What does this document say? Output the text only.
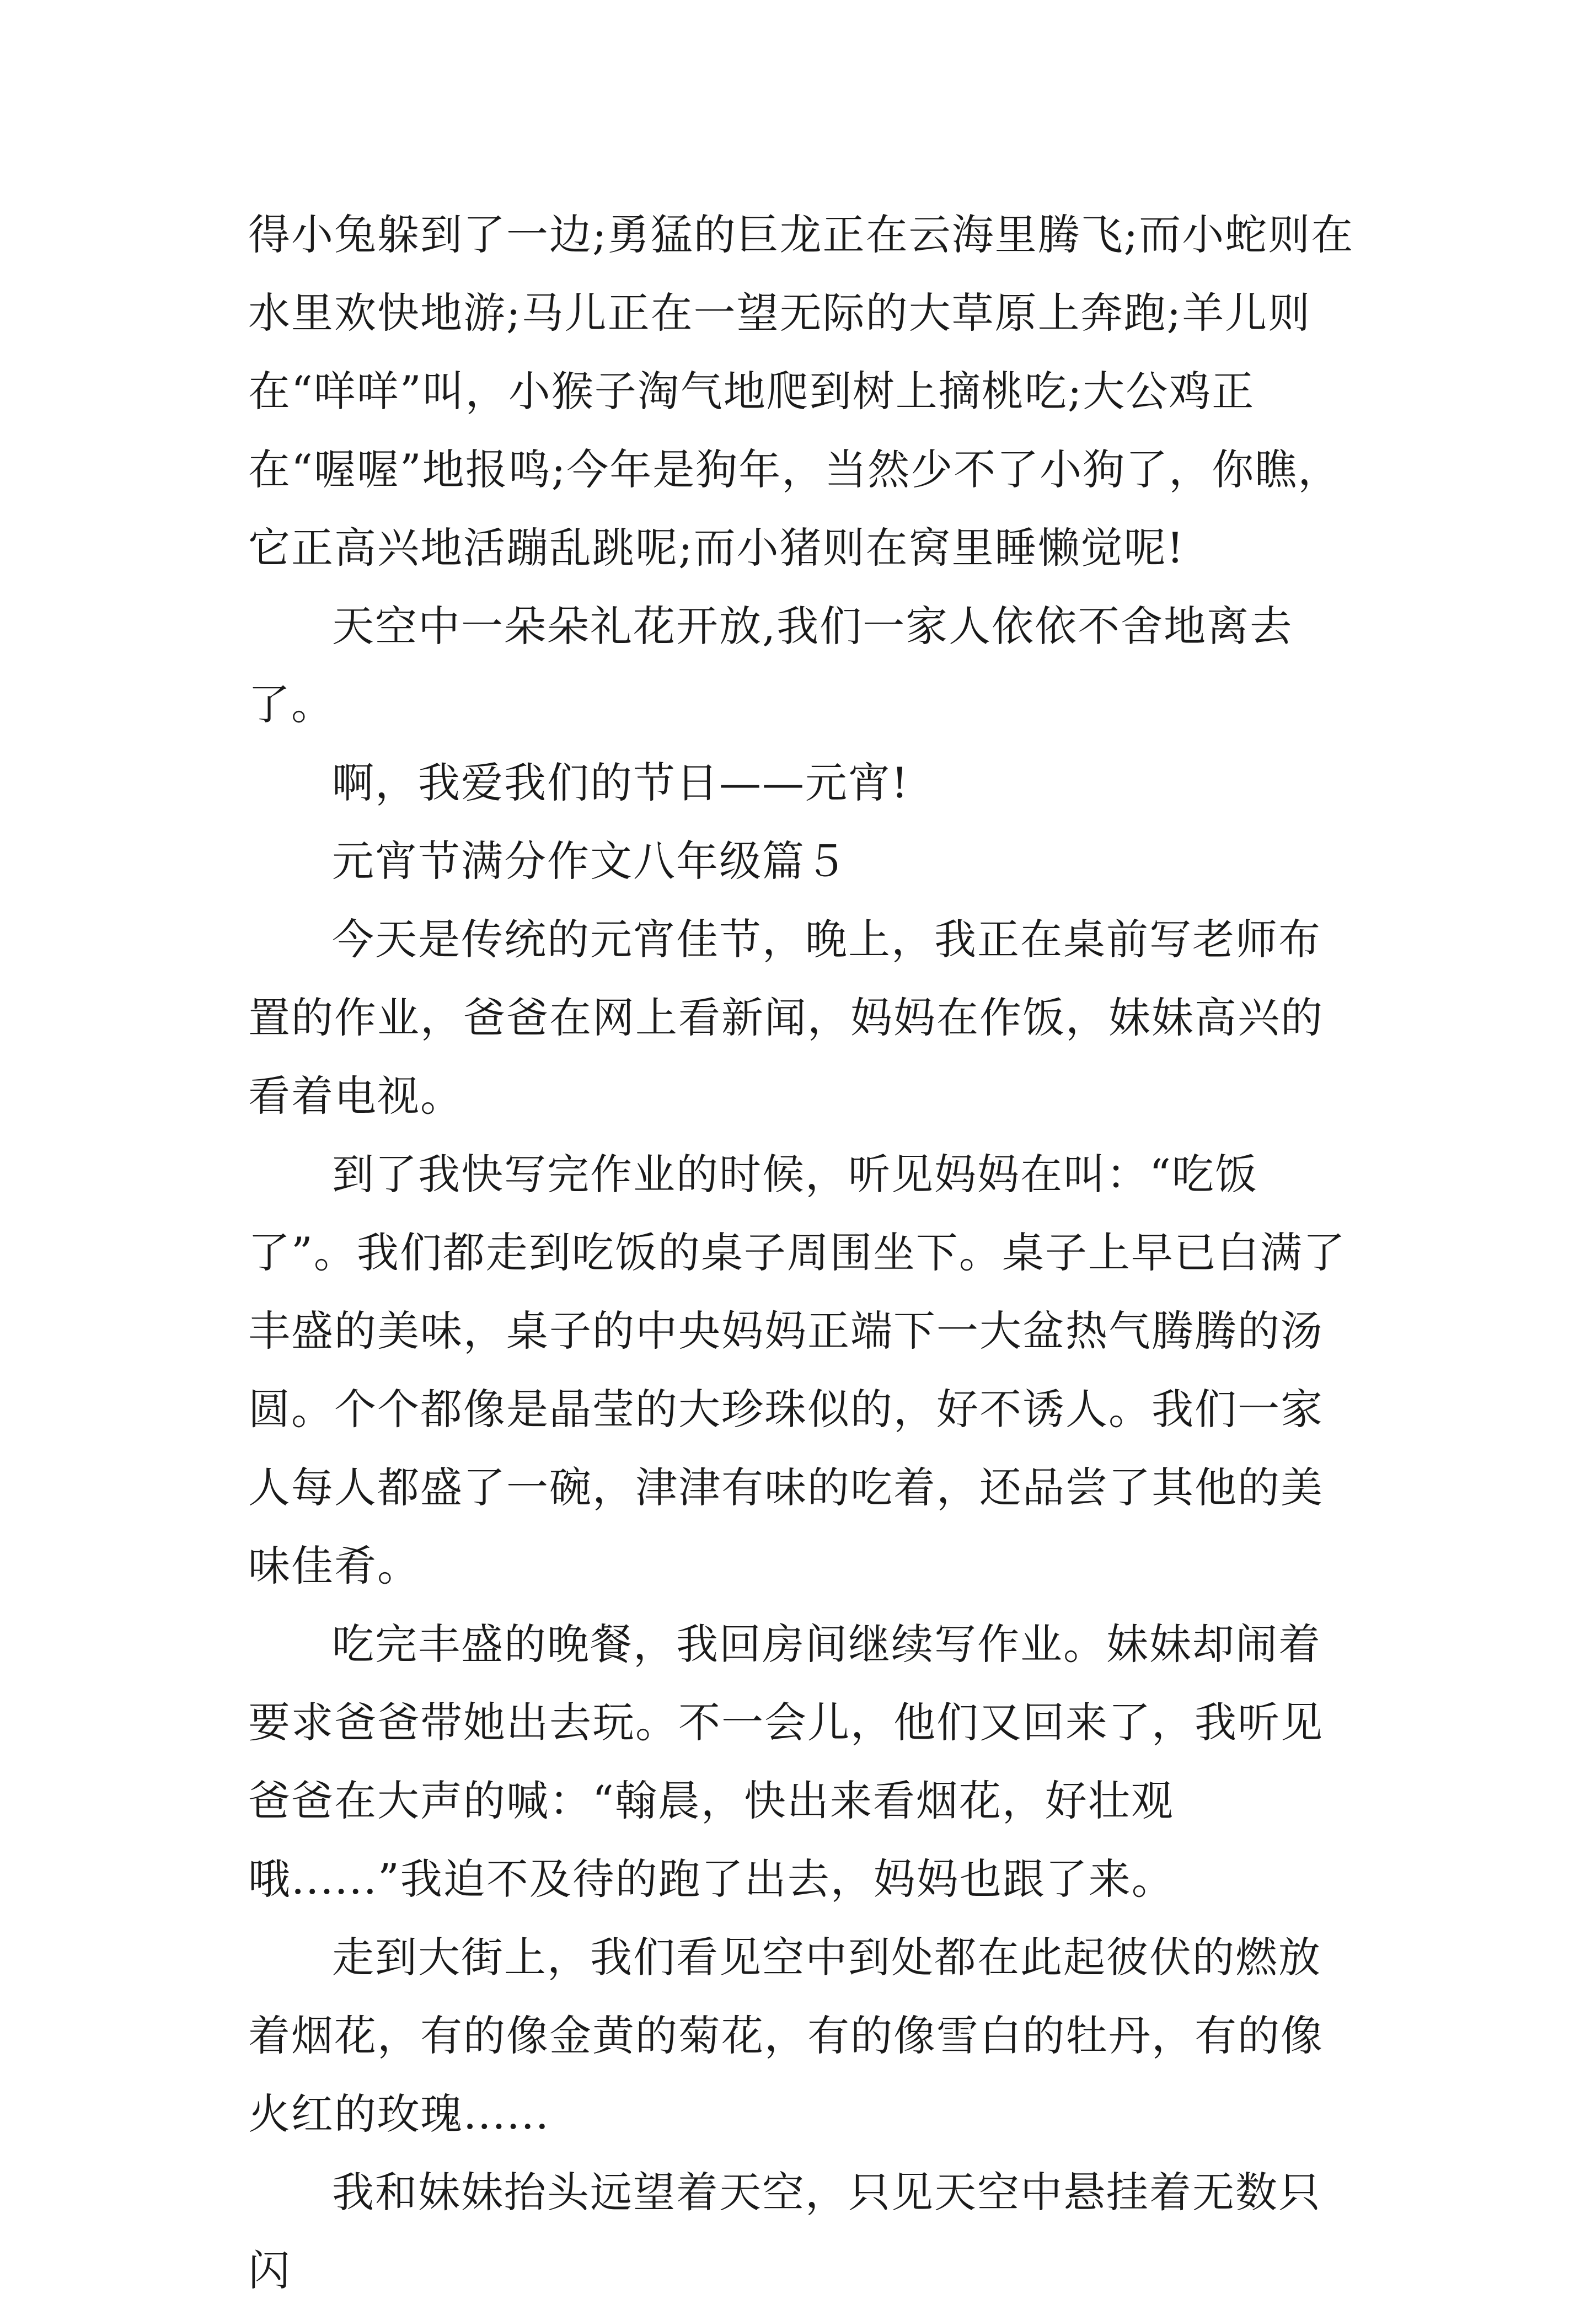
得小兔躲到了一边;勇猛的巨龙正在云海里腾飞;而小蛇则在水里欢快地游;马儿正在一望无际的大草原上奔跑;羊儿则在“咩咩”叫，小猴子淘气地爬到树上摘桃吃;大公鸡正在“喔喔”地报鸣;今年是狗年，当然少不了小狗了，你瞧，它正高兴地活蹦乱跳呢;而小猪则在窝里睡懒觉呢!

天空中一朵朵礼花开放,我们一家人依依不舍地离去了。

啊，我爱我们的节日——元宵!

元宵节满分作文八年级篇５

今天是传统的元宵佳节，晚上，我正在桌前写老师布置的作业，爸爸在网上看新闻，妈妈在作饭，妹妹高兴的看着电视。

到了我快写完作业的时候，听见妈妈在叫：“吃饭了”。我们都走到吃饭的桌子周围坐下。桌子上早已白满了丰盛的美味，桌子的中央妈妈正端下一大盆热气腾腾的汤圆。个个都像是晶莹的大珍珠似的，好不诱人。我们一家人每人都盛了一碗，津津有味的吃着，还品尝了其他的美味佳肴。

吃完丰盛的晚餐，我回房间继续写作业。妹妹却闹着要求爸爸带她出去玩。不一会儿，他们又回来了，我听见爸爸在大声的喊：“翰晨，快出来看烟花，好壮观哦......”我迫不及待的跑了出去，妈妈也跟了来。

走到大街上，我们看见空中到处都在此起彼伏的燃放着烟花，有的像金黄的菊花，有的像雪白的牡丹，有的像火红的玫瑰......

我和妹妹抬头远望着天空，只见天空中悬挂着无数只闪
